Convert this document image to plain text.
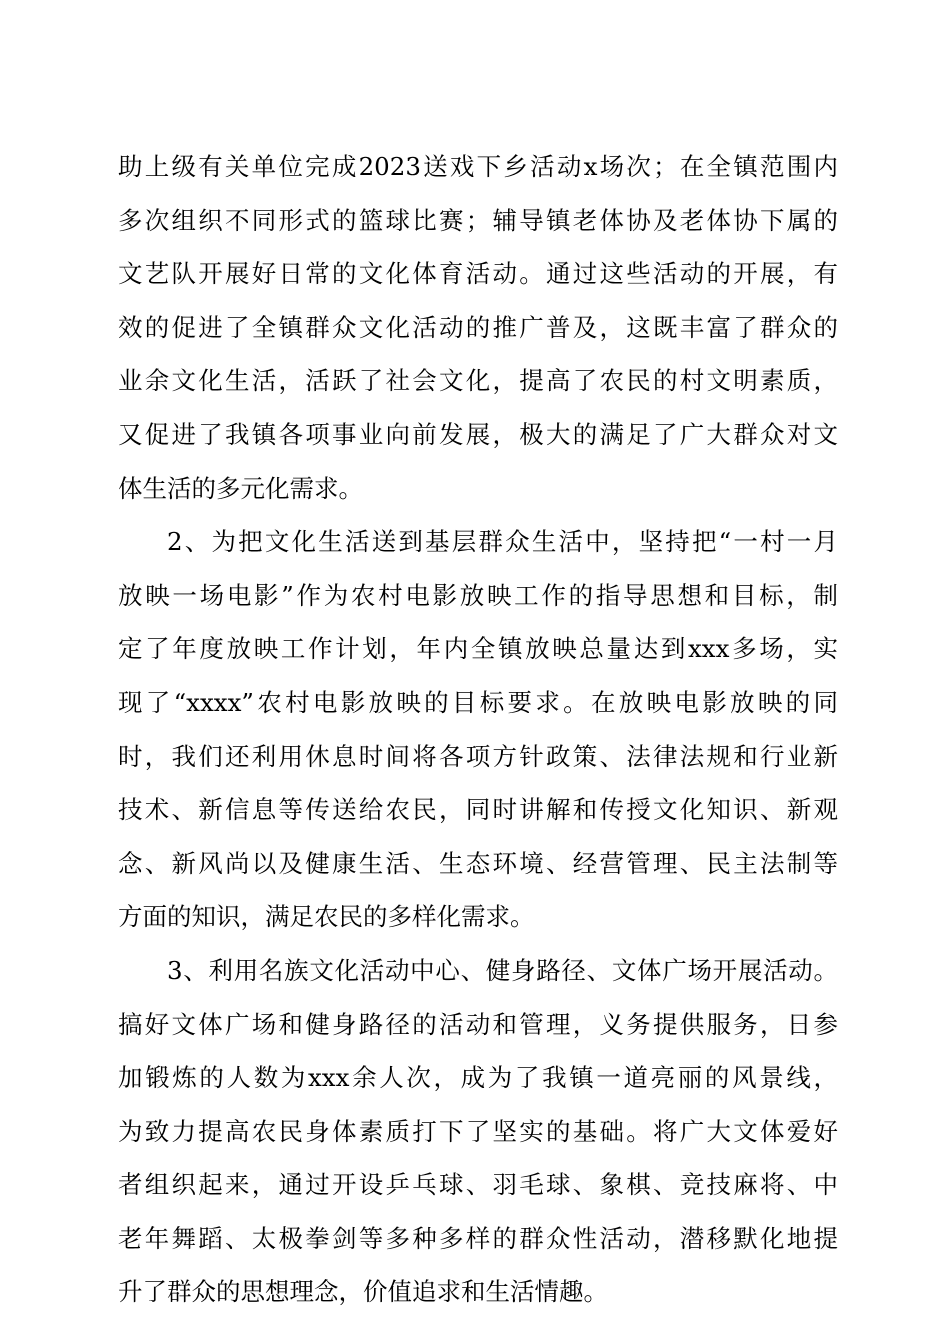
助上级有关单位完成2023送戏下乡活动x场次；在全镇范围内
多次组织不同形式的篮球比赛；辅导镇老体协及老体协下属的
文艺队开展好日常的文化体育活动。通过这些活动的开展，有
效的促进了全镇群众文化活动的推广普及，这既丰富了群众的
业余文化生活，活跃了社会文化，提高了农民的村文明素质，
又促进了我镇各项事业向前发展，极大的满足了广大群众对文
体生活的多元化需求。
2、为把文化生活送到基层群众生活中，坚持把“一村一月
放映一场电影”作为农村电影放映工作的指导思想和目标，制
定了年度放映工作计划，年内全镇放映总量达到xxx多场，实
现了“xxxx”农村电影放映的目标要求。在放映电影放映的同
时，我们还利用休息时间将各项方针政策、法律法规和行业新
技术、新信息等传送给农民，同时讲解和传授文化知识、新观
念、新风尚以及健康生活、生态环境、经营管理、民主法制等
方面的知识，满足农民的多样化需求。
3、利用名族文化活动中心、健身路径、文体广场开展活动。
搞好文体广场和健身路径的活动和管理，义务提供服务，日参
加锻炼的人数为xxx余人次，成为了我镇一道亮丽的风景线，
为致力提高农民身体素质打下了坚实的基础。将广大文体爱好
者组织起来，通过开设乒乓球、羽毛球、象棋、竞技麻将、中
老年舞蹈、太极拳剑等多种多样的群众性活动，潜移默化地提
升了群众的思想理念，价值追求和生活情趣。
